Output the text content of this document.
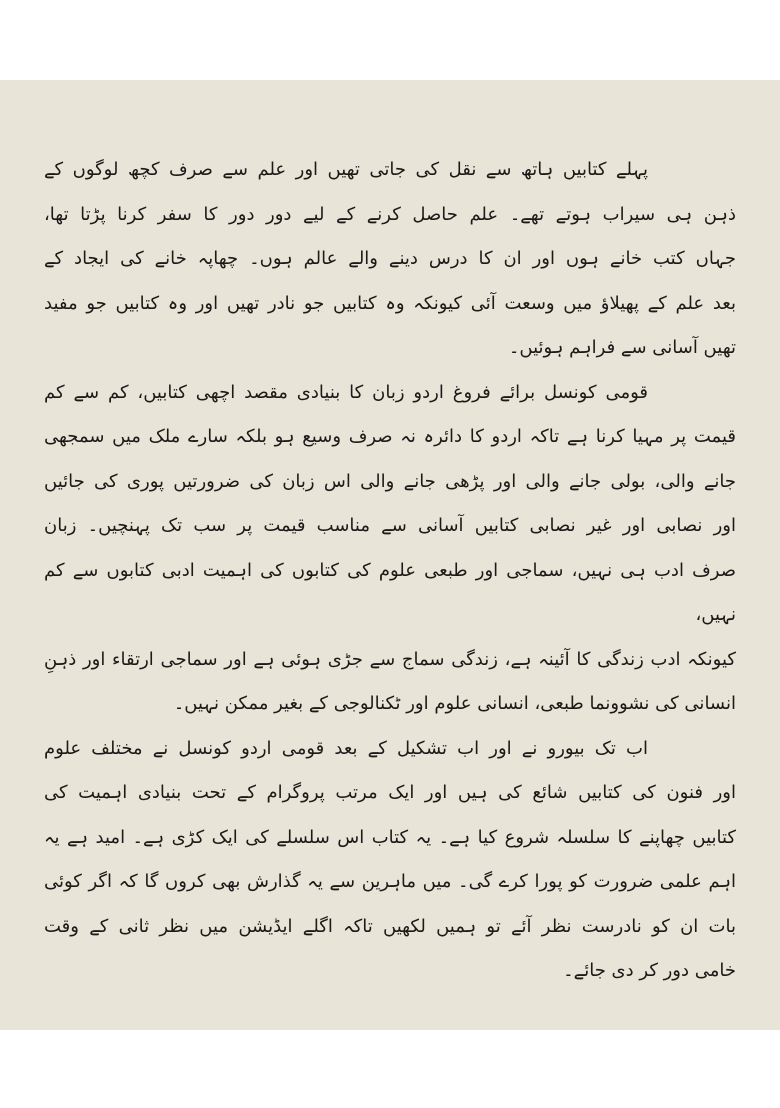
پہلے کتابیں ہاتھ سے نقل کی جاتی تھیں اور علم سے صرف کچھ لوگوں کے
ذہن ہی سیراب ہوتے تھے۔ علم حاصل کرنے کے لیے دور دور کا سفر کرنا پڑتا تھا،
جہاں کتب خانے ہوں اور ان کا درس دینے والے عالم ہوں۔ چھاپہ خانے کی ایجاد کے
بعد علم کے پھیلاؤ میں وسعت آئی کیونکہ وہ کتابیں جو نادر تھیں اور وہ کتابیں جو مفید
تھیں آسانی سے فراہم ہوئیں۔
قومی کونسل برائے فروغ اردو زبان کا بنیادی مقصد اچھی کتابیں، کم سے کم
قیمت پر مہیا کرنا ہے تاکہ اردو کا دائرہ نہ صرف وسیع ہو بلکہ سارے ملک میں سمجھی
جانے والی، بولی جانے والی اور پڑھی جانے والی اس زبان کی ضرورتیں پوری کی جائیں
اور نصابی اور غیر نصابی کتابیں آسانی سے مناسب قیمت پر سب تک پہنچیں۔ زبان
صرف ادب ہی نہیں، سماجی اور طبعی علوم کی کتابوں کی اہمیت ادبی کتابوں سے کم نہیں،
کیونکہ ادب زندگی کا آئینہ ہے، زندگی سماج سے جڑی ہوئی ہے اور سماجی ارتقاء اور ذہنِ
انسانی کی نشوونما طبعی، انسانی علوم اور ٹکنالوجی کے بغیر ممکن نہیں۔
اب تک بیورو نے اور اب تشکیل کے بعد قومی اردو کونسل نے مختلف علوم
اور فنون کی کتابیں شائع کی ہیں اور ایک مرتب پروگرام کے تحت بنیادی اہمیت کی
کتابیں چھاپنے کا سلسلہ شروع کیا ہے۔ یہ کتاب اس سلسلے کی ایک کڑی ہے۔ امید ہے یہ
اہم علمی ضرورت کو پورا کرے گی۔ میں ماہرین سے یہ گذارش بھی کروں گا کہ اگر کوئی
بات ان کو نادرست نظر آئے تو ہمیں لکھیں تاکہ اگلے ایڈیشن میں نظر ثانی کے وقت
خامی دور کر دی جائے۔
